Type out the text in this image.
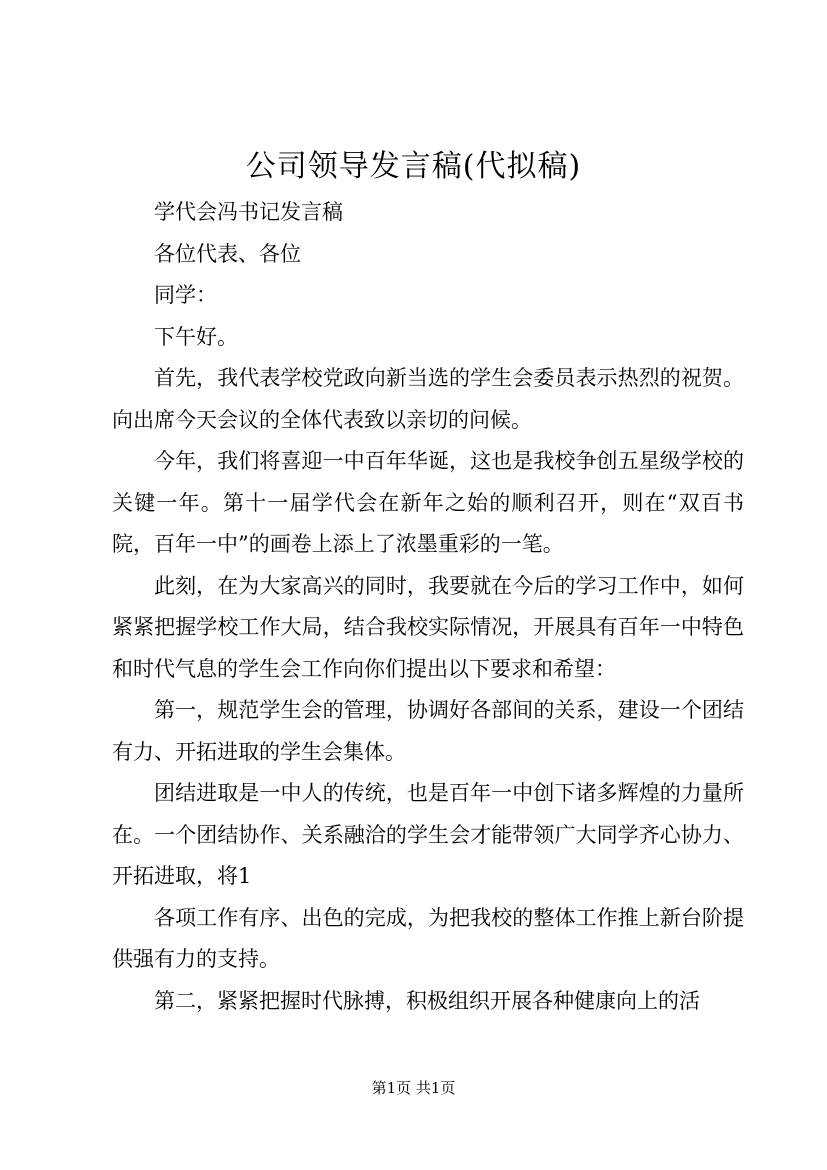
公司领导发言稿(代拟稿)

学代会冯书记发言稿

各位代表、各位

同学：

下午好。

首先，我代表学校党政向新当选的学生会委员表示热烈的祝贺。向出席今天会议的全体代表致以亲切的问候。

今年，我们将喜迎一中百年华诞，这也是我校争创五星级学校的关键一年。第十一届学代会在新年之始的顺利召开，则在“双百书院，百年一中”的画卷上添上了浓墨重彩的一笔。

此刻，在为大家高兴的同时，我要就在今后的学习工作中，如何紧紧把握学校工作大局，结合我校实际情况，开展具有百年一中特色和时代气息的学生会工作向你们提出以下要求和希望：

第一，规范学生会的管理，协调好各部间的关系，建设一个团结有力、开拓进取的学生会集体。

团结进取是一中人的传统，也是百年一中创下诸多辉煌的力量所在。一个团结协作、关系融洽的学生会才能带领广大同学齐心协力、开拓进取，将1

各项工作有序、出色的完成，为把我校的整体工作推上新台阶提供强有力的支持。

第二，紧紧把握时代脉搏，积极组织开展各种健康向上的活

第1页 共1页
